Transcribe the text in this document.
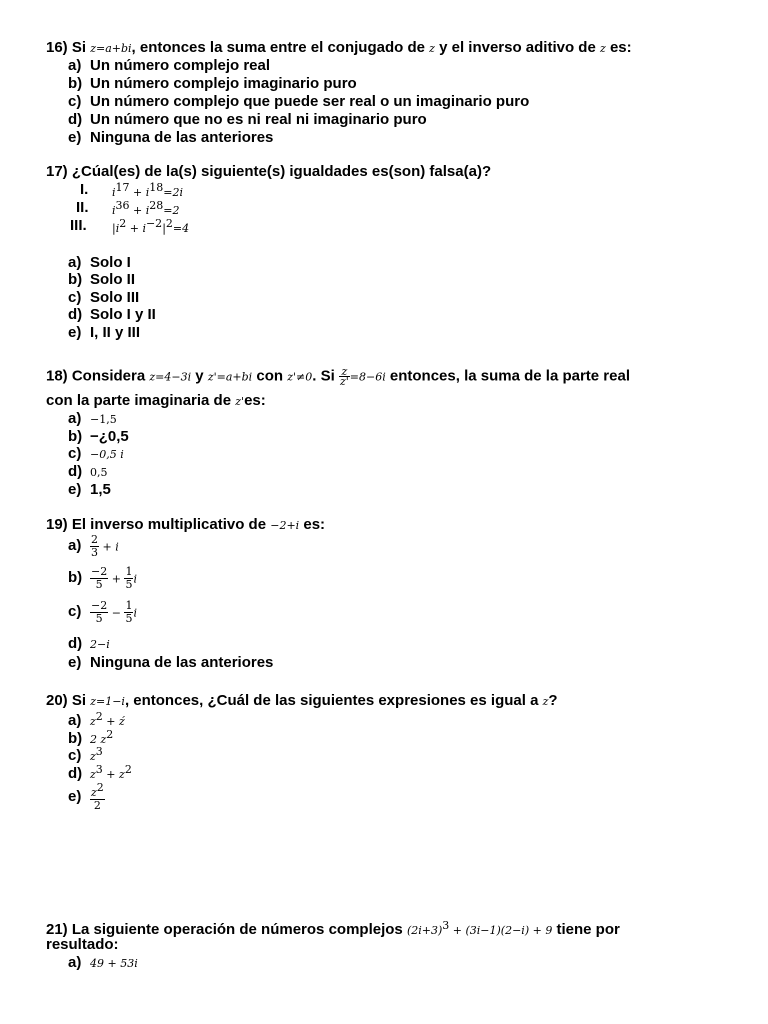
16) Si z=a+bi, entonces la suma entre el conjugado de z y el inverso aditivo de z es:
a) Un número complejo real
b) Un número complejo imaginario puro
c) Un número complejo que puede ser real o un imaginario puro
d) Un número que no es ni real ni imaginario puro
e) Ninguna de las anteriores
17) ¿Cúal(es) de la(s) siguiente(s) igualdades es(son) falsa(a)?
I. $i^{17} + i^{18}=2i$
II. $i^{36} + i^{28}=2$
III. $|i^2 + i^{-2}|^2=4$
a) Solo I
b) Solo II
c) Solo III
d) Solo I y II
e) I, II y III
18) Considera z=4−3i y z'=a+bi con z'≠0. Si $\frac{z}{z'} =8-6i$ entonces, la suma de la parte real
con la parte imaginaria de z'es:
a) −1,5
b) −¿0,5
c) −0,5 i
d) 0,5
e) 1,5
19) El inverso multiplicativo de −2+i es:
$a) \frac{2}{3} + i$
$b) \frac{-2}{5} + \frac{1}{5}$ i
$c) \frac{-2}{5} - \frac{1}{5}$ i
d) 2−i
e) Ninguna de las anteriores
20) Si z=1−i, entonces, ¿Cuál de las siguientes expresiones es igual a z?
a) $z^2$ + ź
b) 2 $z^2$
c) $z^3$
d) $z^3 + z^2$
$e) \frac{z^2}{2}$
21) La siguiente operación de números complejos $(2i+3)^3 + (3i-1)(2-i) + 9$ tiene por
resultado:
a) 49 + 53i
